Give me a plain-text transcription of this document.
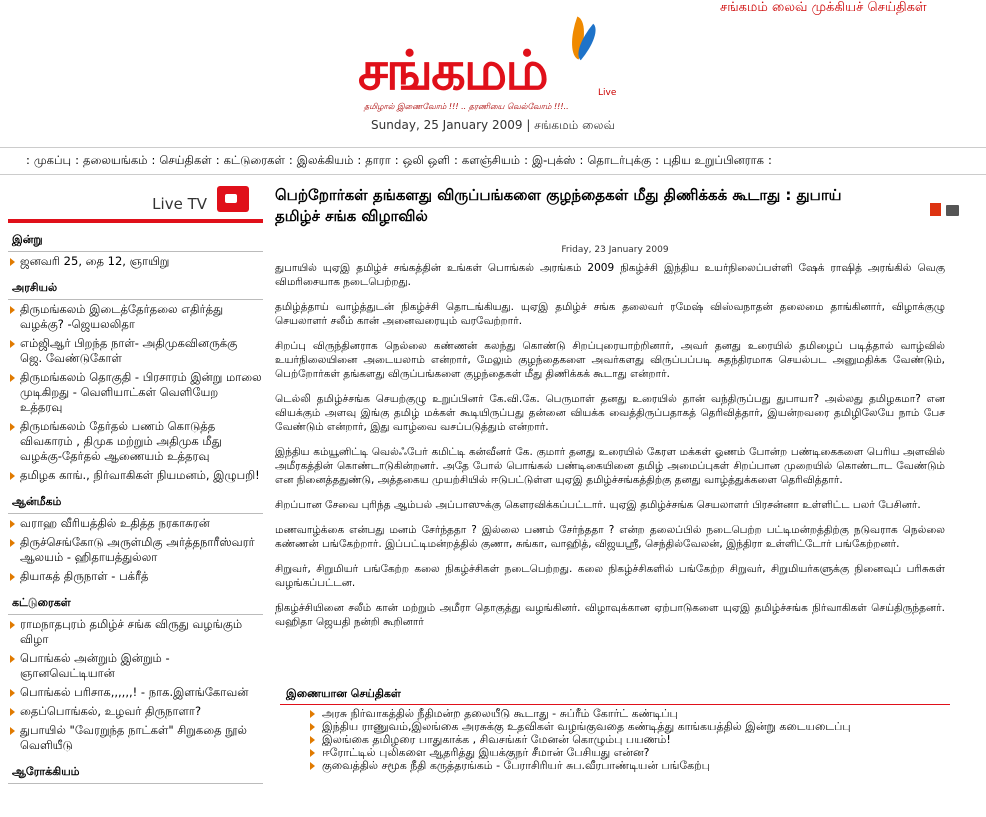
சங்கமம் லைவ் முக்கியச் செய்திகள்
சங்கமம்	Live
தமிழால் இணைவோம் !!! .. தரணியை வெல்வோம் !!!..
Sunday, 25 January 2009 | சங்கமம் லைவ்
: முகப்பு : தலையங்கம் : செய்திகள் : கட்டுரைகள் : இலக்கியம் : தாரா : ஒலி ஒளி : களஞ்சியம் : இ-புக்ஸ் : தொடர்புக்கு : புதிய உறுப்பினராக :
Live TV
இன்று
ஜனவரி 25, தை 12, ஞாயிறு
அரசியல்
திருமங்கலம் இடைத்தேர்தலை எதிர்த்து வழக்கு? -ஜெயலலிதா
எம்ஜிஆர் பிறந்த நாள்- அதிமுகவினருக்கு ஜெ. வேண்டுகோள்
திருமங்கலம் தொகுதி - பிரசாரம் இன்று மாலை முடிகிறது - வெளியாட்கள் வெளியேற உத்தரவு
திருமங்கலம் தேர்தல் பணம் கொடுத்த விவகாரம் , திமுக மற்றும் அதிமுக மீது வழக்கு-தேர்தல் ஆணையம் உத்தரவு
தமிழக காங்., நிர்வாகிகள் நியமனம், இழுபறி!
ஆன்மீகம்
வராஹ வீரியத்தில் உதித்த நரகாசுரன்
திருச்செங்கோடு அருள்மிகு அர்த்தநாரீஸ்வரர் ஆலயம் - ஹிதாயத்துல்லா
தியாகத் திருநாள் - பக்ரீத்
கட்டுரைகள்
ராமநாதபுரம் தமிழ்ச் சங்க விருது வழங்கும் விழா
பொங்கல் அன்றும் இன்றும் - ஞானவெட்டியான்
பொங்கல் பரிசாக,,,,,,! - நாக.இளங்கோவன்
தைப்பொங்கல், உழவர் திருநாளா?
துபாயில் "வேரறுந்த நாட்கள்" சிறுகதை நூல் வெளியீடு
ஆரோக்கியம்
பெற்றோர்கள் தங்களது விருப்பங்களை குழந்தைகள் மீது திணிக்கக் கூடாது : துபாய் தமிழ்ச் சங்க விழாவில்
Friday, 23 January 2009
துபாயில் யுஏஇ தமிழ்ச் சங்கத்தின் உங்கள் பொங்கல் அரங்கம் 2009 நிகழ்ச்சி இந்திய உயர்நிலைப்பள்ளி ஷேக் ராஷித் அரங்கில் வெகு விமரிசையாக நடைபெற்றது.
தமிழ்த்தாய் வாழ்த்துடன் நிகழ்ச்சி தொடங்கியது. யுஏஇ தமிழ்ச் சங்க தலைவர் ரமேஷ் விஸ்வநாதன் தலைமை தாங்கினார், விழாக்குழு செயலாளர் சலீம் கான் அனைவரையும் வரவேற்றார்.
சிறப்பு விருந்தினராக நெல்லை கண்ணன் கலந்து கொண்டு சிறப்புரையாற்றினார், அவர் தனது உரையில் தமிழைப் படித்தால் வாழ்வில் உயர்நிலையினை அடையலாம் என்றார், மேலும் குழந்தைகளை அவர்களது விருப்பப்படி சுதந்திரமாக செயல்பட அனுமதிக்க வேண்டும், பெற்றோர்கள் தங்களது விருப்பங்களை குழந்தைகள் மீது திணிக்கக் கூடாது என்றார்.
டெல்லி தமிழ்ச்சங்க செயற்குழு உறுப்பினர் கே.வி.கே. பெருமாள் தனது உரையில் தான் வந்திருப்பது துபாயா? அல்லது தமிழகமா? என வியக்கும் அளவு இங்கு தமிழ் மக்கள் கூடியிருப்பது தன்னை வியக்க வைத்திருப்பதாகத் தெரிவித்தார், இயன்றவரை தமிழிலேயே நாம் பேச வேண்டும் என்றார், இது வாழ்வை வசப்படுத்தும் என்றார்.
இந்திய கம்யூனிட்டி வெல்ஃபேர் கமிட்டி கன்வீனர் கே. குமார் தனது உரையில் கேரள மக்கள் ஓணம் போன்ற பண்டிகைகளை பெரிய அளவில் அமீரகத்தின் கொண்டாடுகின்றனர். அதே போல் பொங்கல் பண்டிகையினை தமிழ் அமைப்புகள் சிறப்பான முறையில் கொண்டாட வேண்டும் என நினைத்ததுண்டு, அத்தகைய முயற்சியில் ஈடுபட்டுள்ள யுஏஇ தமிழ்ச்சங்கத்திற்கு தனது வாழ்த்துக்களை தெரிவித்தார்.
சிறப்பான சேவை புரிந்த ஆம்பல் அப்பாஸுக்கு கௌரவிக்கப்பட்டார். யுஏஇ தமிழ்ச்சங்க செயலாளர் பிரசன்னா உள்ளிட்ட பலர் பேசினர்.
மணவாழ்க்கை என்பது மனம் சேர்ந்ததா ? இல்லை பணம் சேர்ந்ததா ? என்ற தலைப்பில் நடைபெற்ற பட்டிமன்றத்திற்கு நடுவராக நெல்லை கண்ணன் பங்கேற்றார். இப்பட்டிமன்றத்தில் குணா, சுங்கா, வாஹித், விஜயஸ்ரீ, செந்தில்வேலன், இந்திரா உள்ளிட்டோர் பங்கேற்றனர்.
சிறுவர், சிறுமியர் பங்கேற்ற கலை நிகழ்ச்சிகள் நடைபெற்றது. கலை நிகழ்ச்சிகளில் பங்கேற்ற சிறுவர், சிறுமியர்களுக்கு நினைவுப் பரிசுகள் வழங்கப்பட்டன.
நிகழ்ச்சியினை சலீம் கான் மற்றும் அமீரா தொகுத்து வழங்கினர். விழாவுக்கான ஏற்பாடுகளை யுஏஇ தமிழ்ச்சங்க நிர்வாகிகள் செய்திருந்தனர். வஹிதா ஜெயதி நன்றி கூறினார்
இணையான செய்திகள்
அரசு நிர்வாகத்தில் நீதிமன்ற தலையீடு கூடாது - சுப்ரீம் கோர்ட் கண்டிப்பு
இந்திய ராணுவம்,இலங்கை அரசுக்கு உதவிகள் வழங்குவதை கண்டித்து காங்கயத்தில் இன்று கடையடைப்பு
இலங்கை தமிழரை பாதுகாக்க , சிவசங்கர் மேனன் கொழும்பு பயணம்!
ஈரோட்டில் புலிகளை ஆதரித்து இயக்குநர் சீமான் பேசியது என்ன?
குவைத்தில் சமூக நீதி கருத்தரங்கம் - பேராசிரியர் சுப.வீரபாண்டியன் பங்கேற்பு
